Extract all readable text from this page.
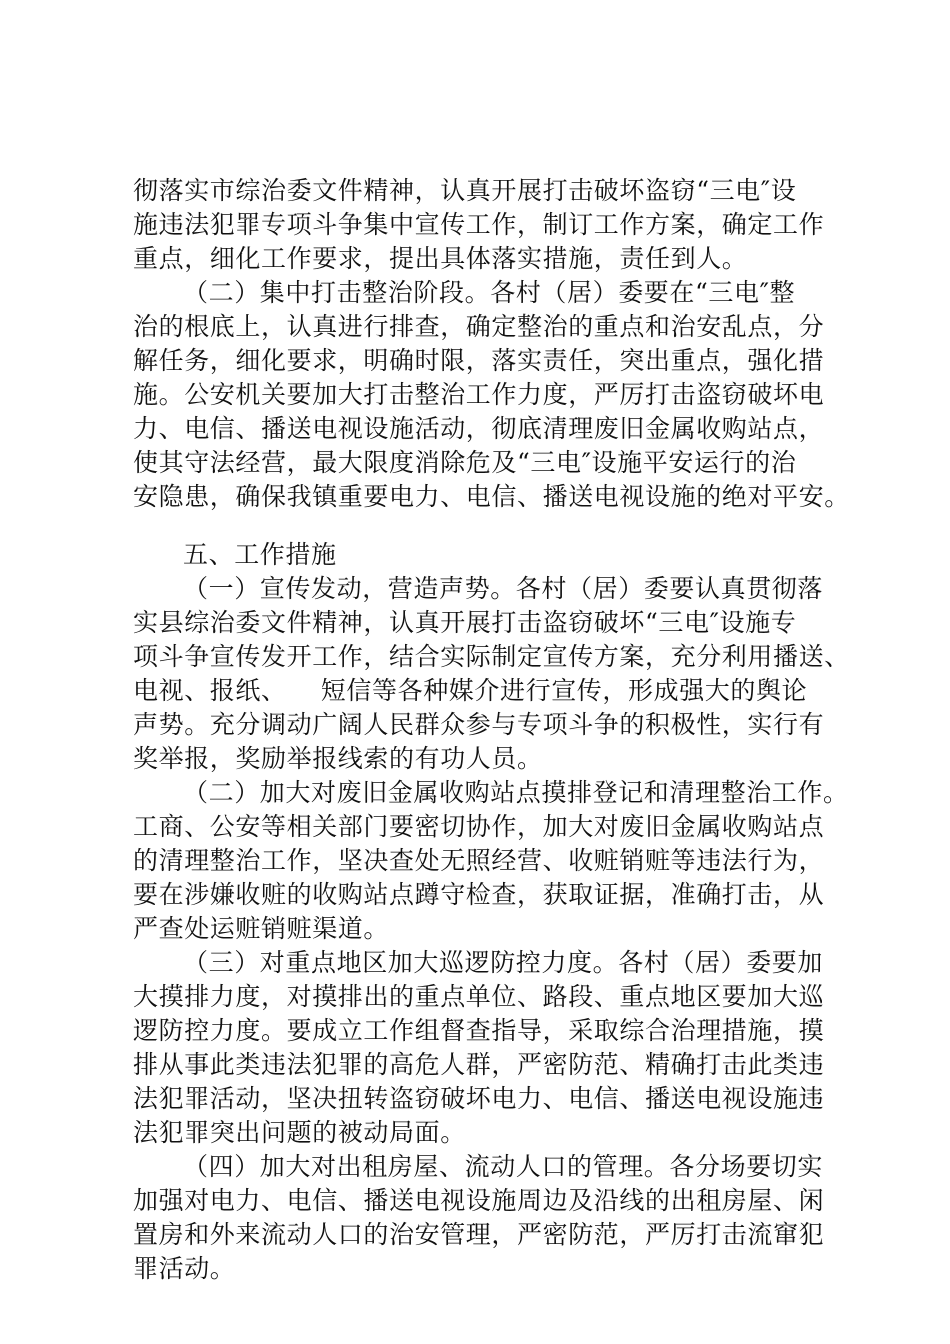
彻落实市综治委文件精神，认真开展打击破坏盗窃“三电″设
施违法犯罪专项斗争集中宣传工作，制订工作方案，确定工作
重点，细化工作要求，提出具体落实措施，责任到人。
（二）集中打击整治阶段。各村（居）委要在“三电″整
治的根底上，认真进行排查，确定整治的重点和治安乱点，分
解任务，细化要求，明确时限，落实责任，突出重点，强化措
施。公安机关要加大打击整治工作力度，严厉打击盗窃破坏电
力、电信、播送电视设施活动，彻底清理废旧金属收购站点，
使其守法经营，最大限度消除危及“三电″设施平安运行的治
安隐患，确保我镇重要电力、电信、播送电视设施的绝对平安。
五、工作措施
（一）宣传发动，营造声势。各村（居）委要认真贯彻落
实县综治委文件精神，认真开展打击盗窃破坏“三电″设施专
项斗争宣传发开工作，结合实际制定宣传方案，充分利用播送、
电视、报纸、    短信等各种媒介进行宣传，形成强大的舆论
声势。充分调动广阔人民群众参与专项斗争的积极性，实行有
奖举报，奖励举报线索的有功人员。
（二）加大对废旧金属收购站点摸排登记和清理整治工作。
工商、公安等相关部门要密切协作，加大对废旧金属收购站点
的清理整治工作，坚决查处无照经营、收赃销赃等违法行为，
要在涉嫌收赃的收购站点蹲守检查，获取证据，准确打击，从
严查处运赃销赃渠道。
（三）对重点地区加大巡逻防控力度。各村（居）委要加
大摸排力度，对摸排出的重点单位、路段、重点地区要加大巡
逻防控力度。要成立工作组督查指导，采取综合治理措施，摸
排从事此类违法犯罪的高危人群，严密防范、精确打击此类违
法犯罪活动，坚决扭转盗窃破坏电力、电信、播送电视设施违
法犯罪突出问题的被动局面。
（四）加大对出租房屋、流动人口的管理。各分场要切实
加强对电力、电信、播送电视设施周边及沿线的出租房屋、闲
置房和外来流动人口的治安管理，严密防范，严厉打击流窜犯
罪活动。
